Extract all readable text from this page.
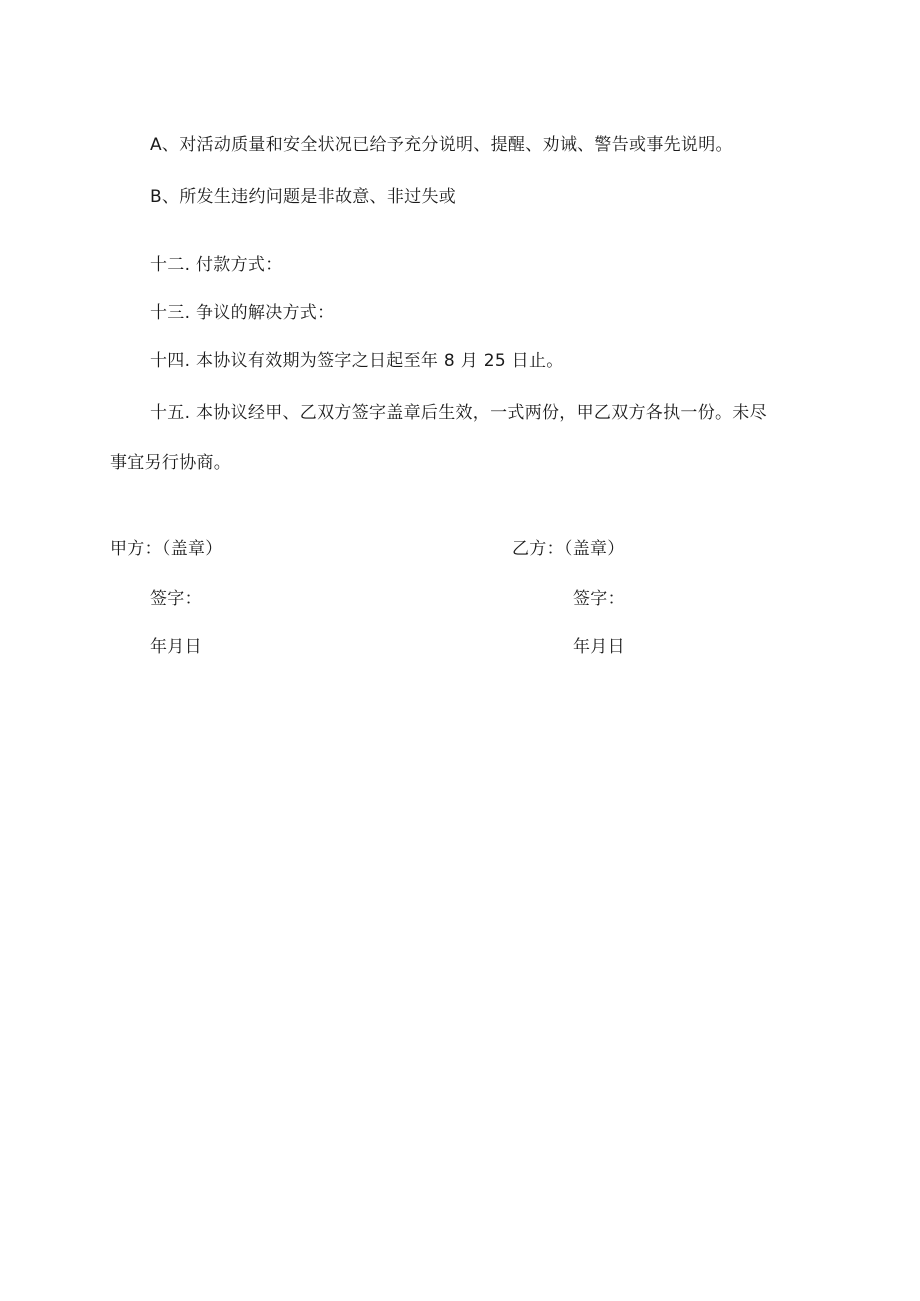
A、对活动质量和安全状况已给予充分说明、提醒、劝诫、警告或事先说明。
B、所发生违约问题是非故意、非过失或
十二. 付款方式：
十三. 争议的解决方式：
十四. 本协议有效期为签字之日起至年 8 月 25 日止。
十五. 本协议经甲、乙双方签字盖章后生效，一式两份，甲乙双方各执一份。未尽
事宜另行协商。
甲方：（盖章）
签字：
年月日
乙方：（盖章）
签字：
年月日
